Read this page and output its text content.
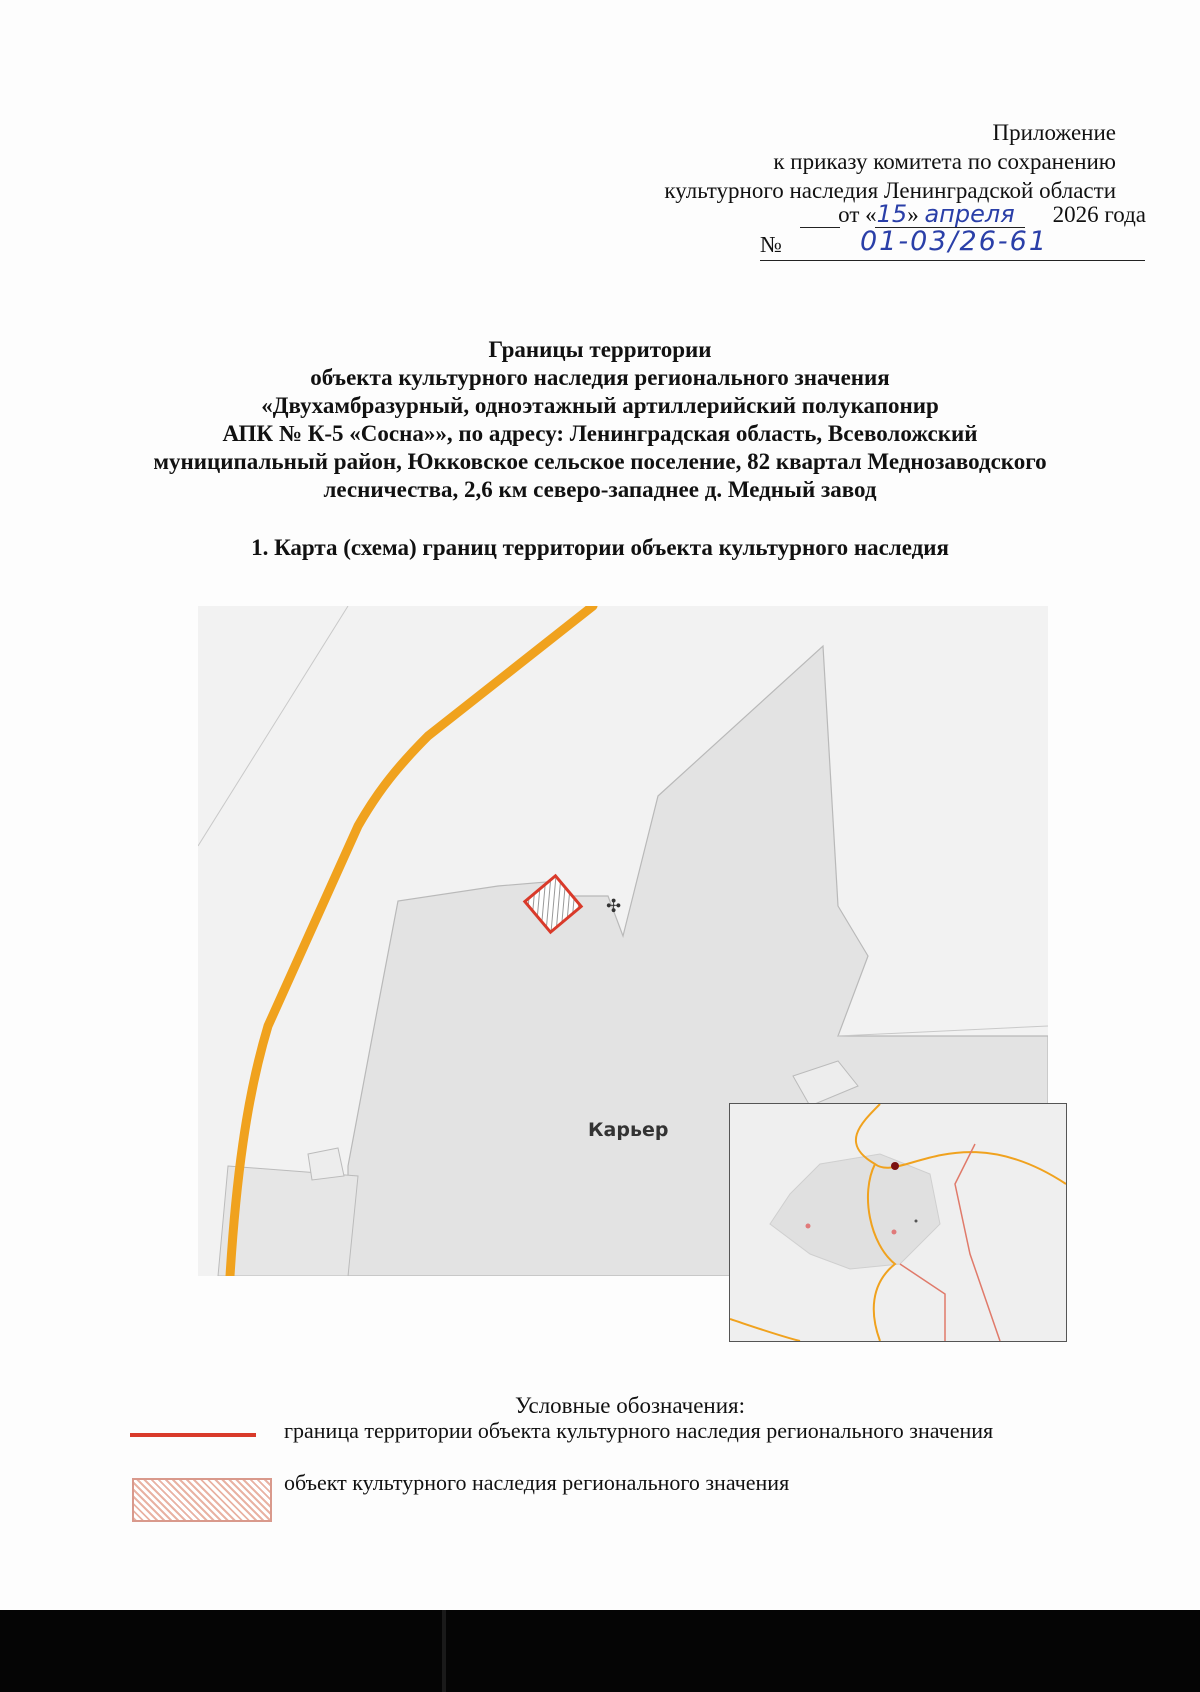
Приложение
к приказу комитета по сохранению
культурного наследия Ленинградской области
от «15» апреля 2026 года
№	01-03/26-61
Границы территории
объекта культурного наследия регионального значения
«Двухамбразурный, одноэтажный артиллерийский полукапонир
АПК № К-5 «Сосна»», по адресу: Ленинградская область, Всеволожский
муниципальный район, Юкковское сельское поселение, 82 квартал Меднозаводского
лесничества, 2,6 км северо-западнее д. Медный завод
1. Карта (схема) границ территории объекта культурного наследия
✣
Карьер
Условные обозначения:
граница территории объекта культурного наследия регионального значения
объект культурного наследия регионального значения
